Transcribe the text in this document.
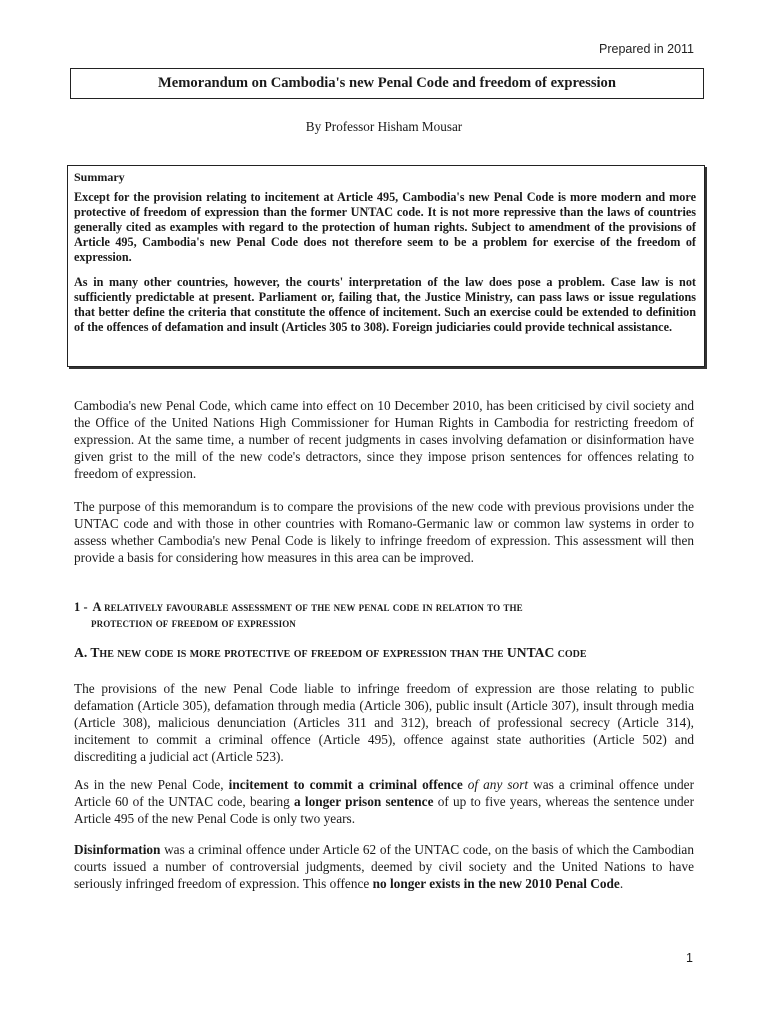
Prepared in 2011
Memorandum on Cambodia's new Penal Code and freedom of expression
By Professor Hisham Mousar

Summary

Except for the provision relating to incitement at Article 495, Cambodia's new Penal Code is more modern and more protective of freedom of expression than the former UNTAC code. It is not more repressive than the laws of countries generally cited as examples with regard to the protection of human rights. Subject to amendment of the provisions of Article 495, Cambodia's new Penal Code does not therefore seem to be a problem for exercise of the freedom of expression.

As in many other countries, however, the courts' interpretation of the law does pose a problem. Case law is not sufficiently predictable at present. Parliament or, failing that, the Justice Ministry, can pass laws or issue regulations that better define the criteria that constitute the offence of incitement. Such an exercise could be extended to definition of the offences of defamation and insult (Articles 305 to 308). Foreign judiciaries could provide technical assistance.

Cambodia's new Penal Code, which came into effect on 10 December 2010, has been criticised by civil society and the Office of the United Nations High Commissioner for Human Rights in Cambodia for restricting freedom of expression. At the same time, a number of recent judgments in cases involving defamation or disinformation have given grist to the mill of the new code's detractors, since they impose prison sentences for offences relating to freedom of expression.

The purpose of this memorandum is to compare the provisions of the new code with previous provisions under the UNTAC code and with those in other countries with Romano-Germanic law or common law systems in order to assess whether Cambodia's new Penal Code is likely to infringe freedom of expression. This assessment will then provide a basis for considering how measures in this area can be improved.

1 - A relatively favourable assessment of the new penal code in relation to the
protection of freedom of expression
A. The new code is more protective of freedom of expression than the UNTAC code

The provisions of the new Penal Code liable to infringe freedom of expression are those relating to public defamation (Article 305), defamation through media (Article 306), public insult (Article 307), insult through media (Article 308), malicious denunciation (Articles 311 and 312), breach of professional secrecy (Article 314), incitement to commit a criminal offence (Article 495), offence against state authorities (Article 502) and discrediting a judicial act (Article 523).

As in the new Penal Code, incitement to commit a criminal offence of any sort was a criminal offence under Article 60 of the UNTAC code, bearing a longer prison sentence of up to five years, whereas the sentence under Article 495 of the new Penal Code is only two years.

Disinformation was a criminal offence under Article 62 of the UNTAC code, on the basis of which the Cambodian courts issued a number of controversial judgments, deemed by civil society and the United Nations to have seriously infringed freedom of expression. This offence no longer exists in the new 2010 Penal Code.

1
